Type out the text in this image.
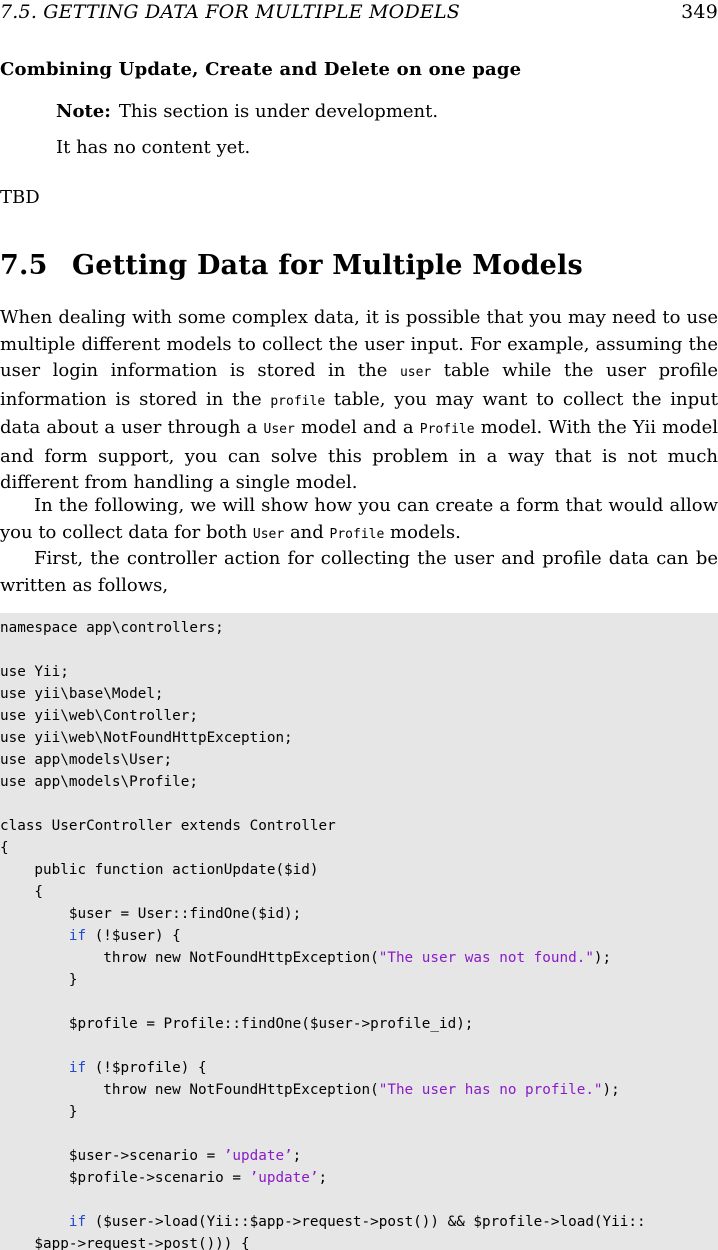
7.5. GETTING DATA FOR MULTIPLE MODELS	349
Combining Update, Create and Delete on one page
Note: This section is under development.
It has no content yet.
TBD
7.5 Getting Data for Multiple Models
When dealing with some complex data, it is possible that you may need to use multiple different models to collect the user input. For example, assuming the user login information is stored in the user table while the user profile information is stored in the profile table, you may want to collect the input data about a user through a User model and a Profile model. With the Yii model and form support, you can solve this problem in a way that is not much different from handling a single model.
In the following, we will show how you can create a form that would allow you to collect data for both User and Profile models.
First, the controller action for collecting the user and profile data can be written as follows,
namespace app\controllers;
use Yii;
use yii\base\Model;
use yii\web\Controller;
use yii\web\NotFoundHttpException;
use app\models\User;
use app\models\Profile;
class UserController extends Controller
{
public function actionUpdate($id)
{
$user = User::findOne($id);
if (!$user) {
throw new NotFoundHttpException("The user was not found.");
}
$profile = Profile::findOne($user->profile_id);
if (!$profile) {
throw new NotFoundHttpException("The user has no profile.");
}
$user->scenario = ’update’;
$profile->scenario = ’update’;
if ($user->load(Yii::$app->request->post()) && $profile->load(Yii::
$app->request->post())) {
